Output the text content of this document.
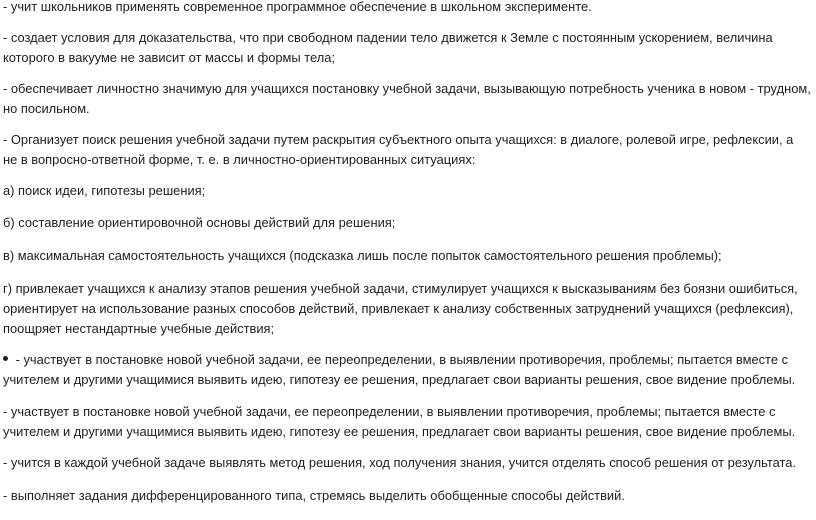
- учит школьников применять современное программное обеспечение в школьном эксперименте.

- создает условия для доказательства, что при свободном падении тело движется к Земле с постоянным ускорением, величина которого в вакууме не зависит от массы и формы тела;

- обеспечивает личностно значимую для учащихся постановку учебной задачи, вызывающую потребность ученика в новом - трудном, но посильном.

- Организует поиск решения учебной задачи путем раскрытия субъектного опыта учащихся: в диалоге, ролевой игре, рефлексии, а не в вопросно-ответной форме, т. е. в личностно-ориентированных ситуациях:

а) поиск идеи, гипотезы решения;

б) составление ориентировочной основы действий для решения;

в) максимальная самостоятельность учащихся (подсказка лишь после попыток самостоятельного решения проблемы);

г) привлекает учащихся к анализу этапов решения учебной задачи, стимулирует учащихся к высказываниям без боязни ошибиться, ориентирует на использование разных способов действий, привлекает к анализу собственных затруднений учащихся (рефлексия), поощряет нестандартные учебные действия;

- участвует в постановке новой учебной задачи, ее переопределении, в выявлении противоречия, проблемы; пытается вместе с учителем и другими учащимися выявить идею, гипотезу ее решения, предлагает свои варианты решения, свое видение проблемы.

- участвует в постановке новой учебной задачи, ее переопределении, в выявлении противоречия, проблемы; пытается вместе с учителем и другими учащимися выявить идею, гипотезу ее решения, предлагает свои варианты решения, свое видение проблемы.

- учится в каждой учебной задаче выявлять метод решения, ход получения знания, учится отделять способ решения от результата.

- выполняет задания дифференцированного типа, стремясь выделить обобщенные способы действий.
